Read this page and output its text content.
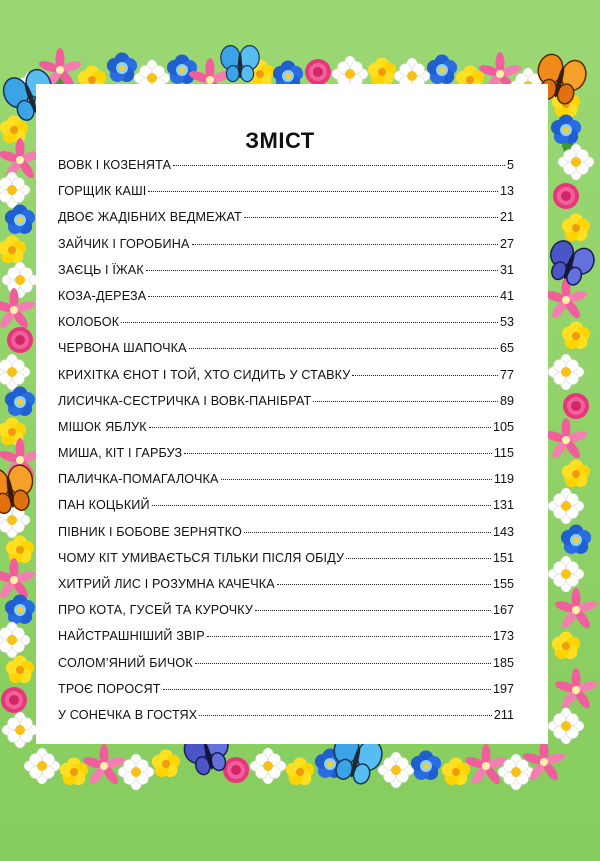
ЗМІСТ
ВОВК І КОЗЕНЯТА	5
ГОРЩИК КАШІ	13
ДВОЄ ЖАДІБНИХ ВЕДМЕЖАТ	21
ЗАЙЧИК І ГОРОБИНА	27
ЗАЄЦЬ І ЇЖАК	31
КОЗА-ДЕРЕЗА	41
КОЛОБОК	53
ЧЕРВОНА ШАПОЧКА	65
КРИХІТКА ЄНОТ І ТОЙ, ХТО СИДИТЬ У СТАВКУ	77
ЛИСИЧКА-СЕСТРИЧКА І ВОВК-ПАНІБРАТ	89
МІШОК ЯБЛУК	105
МИША, КІТ І ГАРБУЗ	115
ПАЛИЧКА-ПОМАГАЛОЧКА	119
ПАН КОЦЬКИЙ	131
ПІВНИК І БОБОВЕ ЗЕРНЯТКО	143
ЧОМУ КІТ УМИВАЄТЬСЯ ТІЛЬКИ ПІСЛЯ ОБІДУ	151
ХИТРИЙ ЛИС І РОЗУМНА КАЧЕЧКА	155
ПРО КОТА, ГУСЕЙ ТА КУРОЧКУ	167
НАЙСТРАШНІШИЙ ЗВІР	173
СОЛОМ’ЯНИЙ БИЧОК	185
ТРОЄ ПОРОСЯТ	197
У СОНЕЧКА В ГОСТЯХ	211
